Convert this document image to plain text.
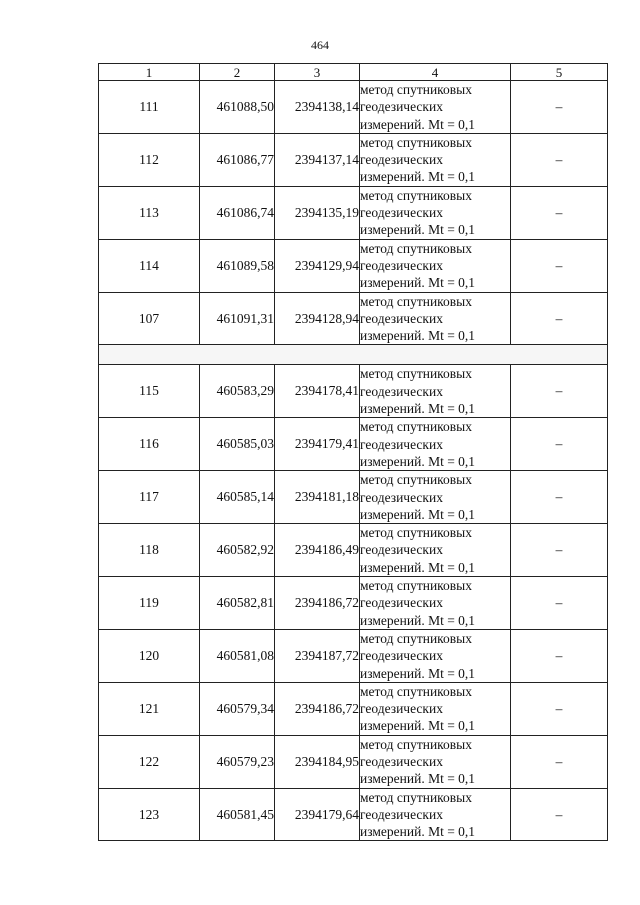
464
1	2	3	4	5
111	461088,50	2394138,14	метод спутниковых
геодезических
измерений. Mt = 0,1	–
112	461086,77	2394137,14	метод спутниковых
геодезических
измерений. Mt = 0,1	–
113	461086,74	2394135,19	метод спутниковых
геодезических
измерений. Mt = 0,1	–
114	461089,58	2394129,94	метод спутниковых
геодезических
измерений. Mt = 0,1	–
107	461091,31	2394128,94	метод спутниковых
геодезических
измерений. Mt = 0,1	–

115	460583,29	2394178,41	метод спутниковых
геодезических
измерений. Mt = 0,1	–
116	460585,03	2394179,41	метод спутниковых
геодезических
измерений. Mt = 0,1	–
117	460585,14	2394181,18	метод спутниковых
геодезических
измерений. Mt = 0,1	–
118	460582,92	2394186,49	метод спутниковых
геодезических
измерений. Mt = 0,1	–
119	460582,81	2394186,72	метод спутниковых
геодезических
измерений. Mt = 0,1	–
120	460581,08	2394187,72	метод спутниковых
геодезических
измерений. Mt = 0,1	–
121	460579,34	2394186,72	метод спутниковых
геодезических
измерений. Mt = 0,1	–
122	460579,23	2394184,95	метод спутниковых
геодезических
измерений. Mt = 0,1	–
123	460581,45	2394179,64	метод спутниковых
геодезических
измерений. Mt = 0,1	–
